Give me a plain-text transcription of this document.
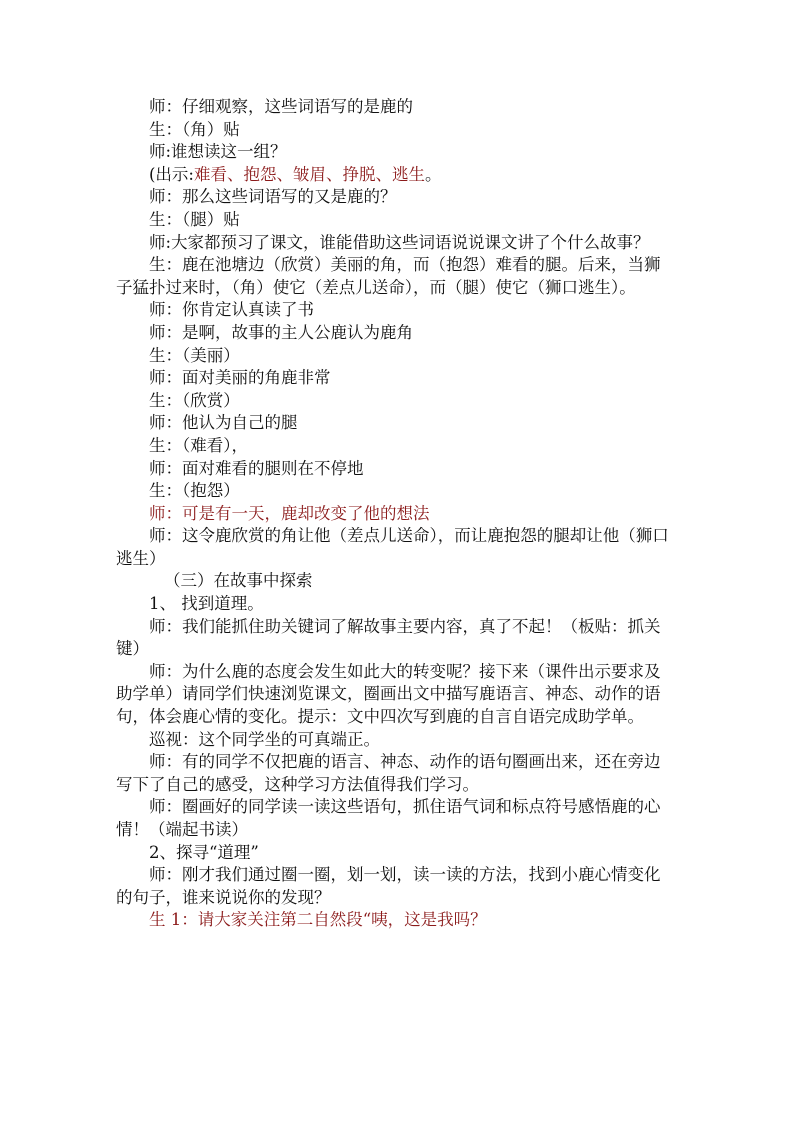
师：仔细观察，这些词语写的是鹿的

生：（角）贴

师:谁想读这一组？

(出示:难看、抱怨、皱眉、挣脱、逃生。

师：那么这些词语写的又是鹿的？

生：（腿）贴

师:大家都预习了课文，谁能借助这些词语说说课文讲了个什么故事？

生：鹿在池塘边（欣赏）美丽的角，而（抱怨）难看的腿。后来，当狮子猛扑过来时，（角）使它（差点儿送命），而（腿）使它（狮口逃生）。

师：你肯定认真读了书

师：是啊，故事的主人公鹿认为鹿角

生：（美丽）

师：面对美丽的角鹿非常

生：（欣赏）

师：他认为自己的腿

生：（难看），

师：面对难看的腿则在不停地

生：（抱怨）

师：可是有一天，鹿却改变了他的想法

师：这令鹿欣赏的角让他（差点儿送命），而让鹿抱怨的腿却让他（狮口逃生）

（三）在故事中探索

1、 找到道理。

师：我们能抓住助关键词了解故事主要内容，真了不起！（板贴：抓关键）

师：为什么鹿的态度会发生如此大的转变呢？接下来（课件出示要求及助学单）请同学们快速浏览课文，圈画出文中描写鹿语言、神态、动作的语句，体会鹿心情的变化。提示：文中四次写到鹿的自言自语完成助学单。

巡视：这个同学坐的可真端正。

师：有的同学不仅把鹿的语言、神态、动作的语句圈画出来，还在旁边写下了自己的感受，这种学习方法值得我们学习。

师：圈画好的同学读一读这些语句，抓住语气词和标点符号感悟鹿的心情！（端起书读）

2、探寻“道理”

师：刚才我们通过圈一圈，划一划，读一读的方法，找到小鹿心情变化的句子，谁来说说你的发现？

生 1：请大家关注第二自然段“咦，这是我吗？
